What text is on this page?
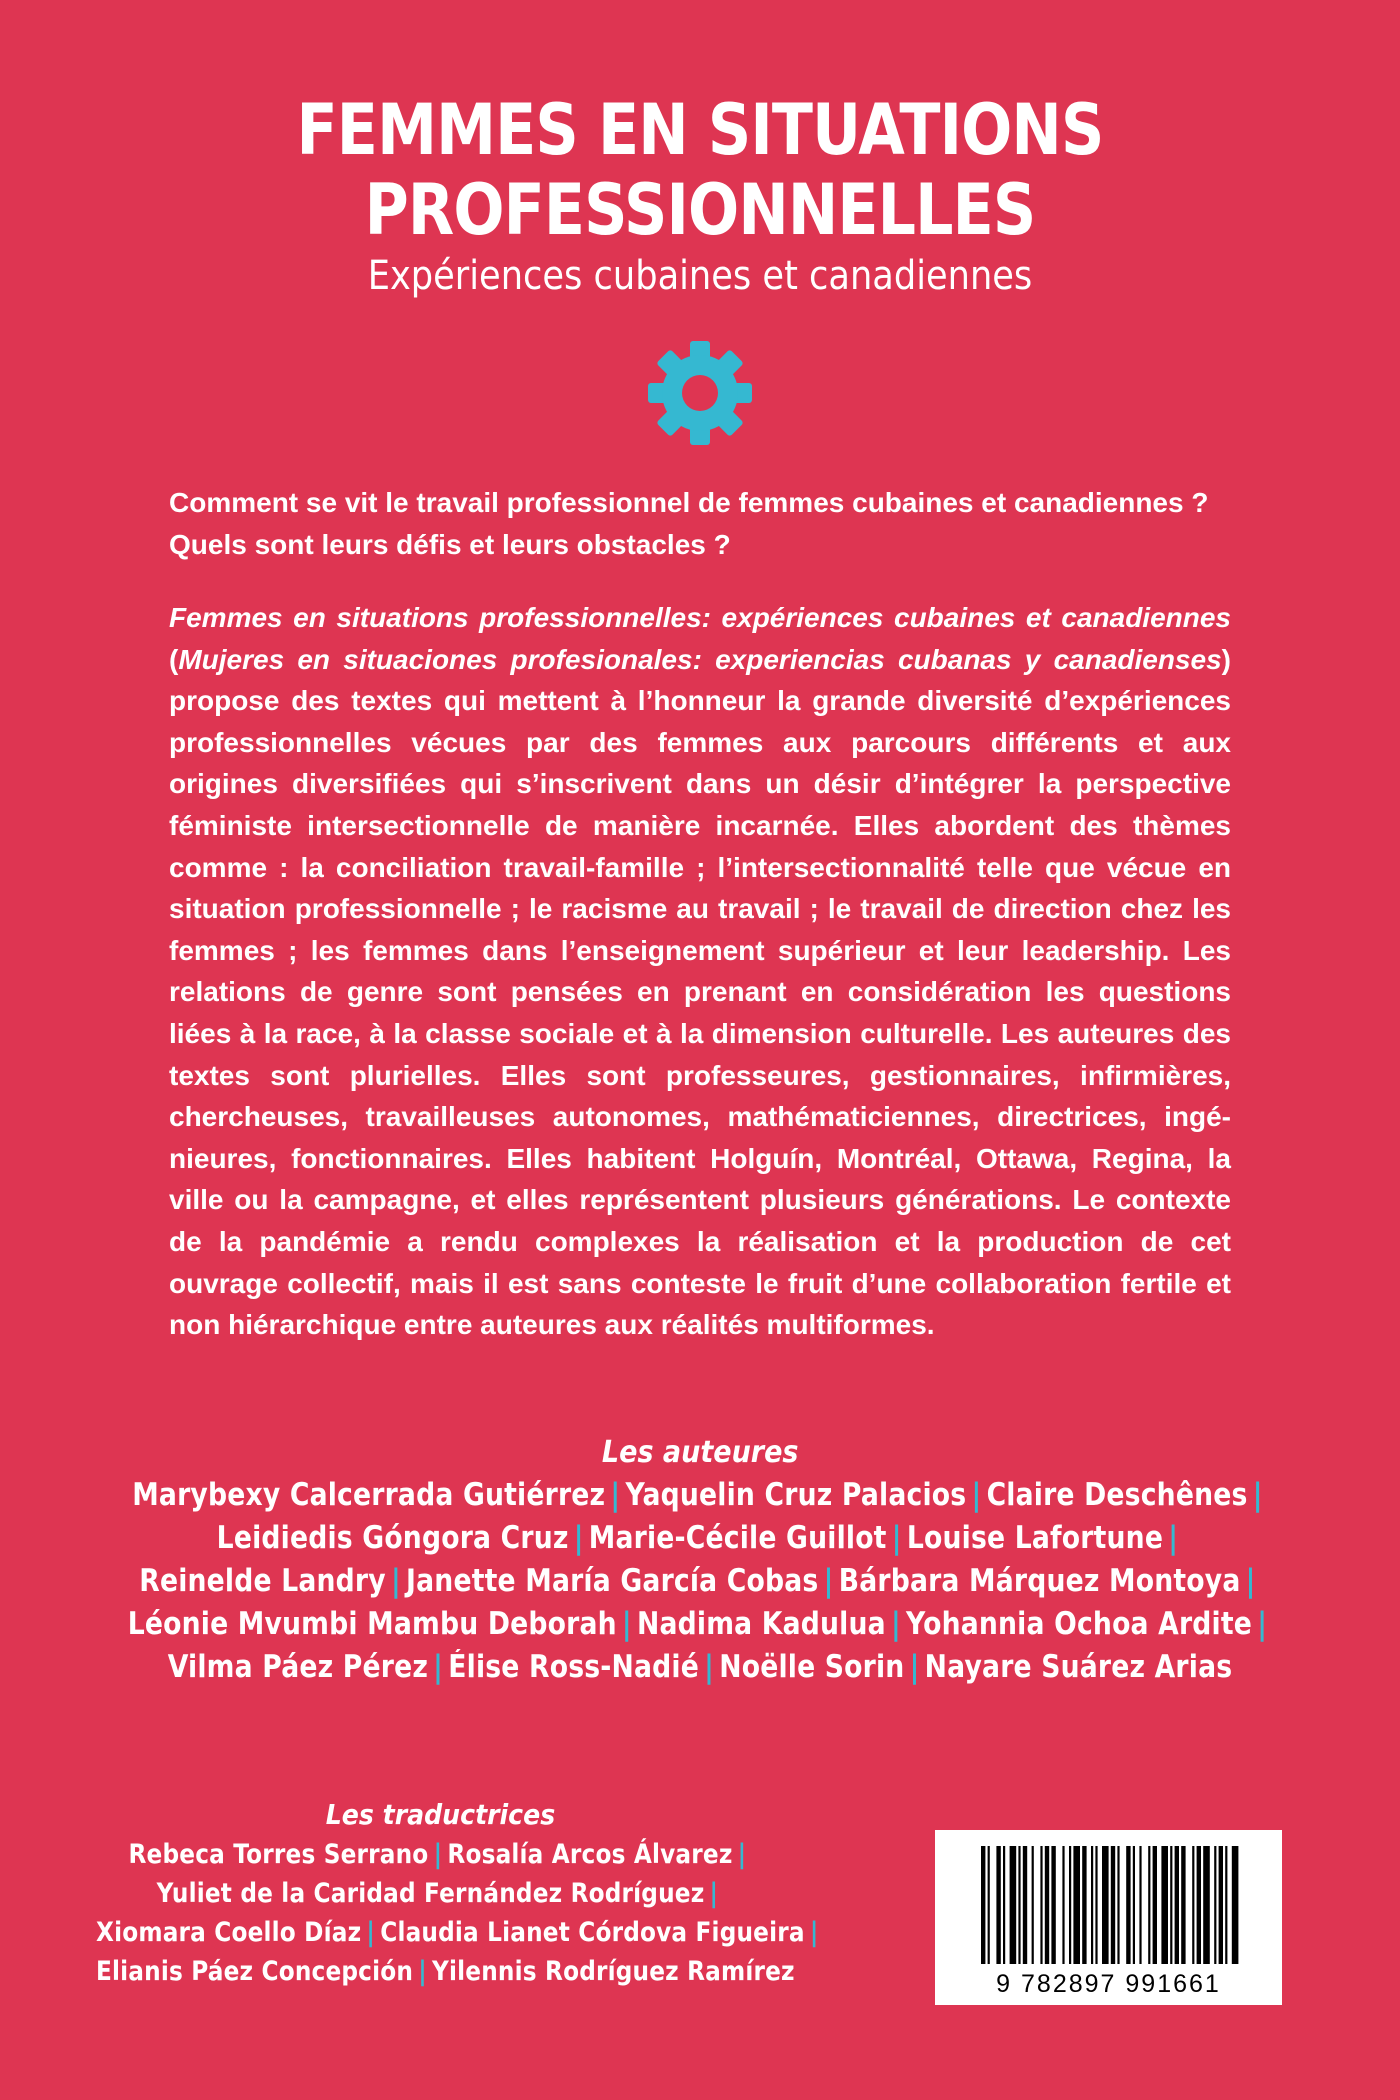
FEMMES EN SITUATIONS
PROFESSIONNELLES
Expériences cubaines et canadiennes

Comment se vit le travail professionnel de femmes cubaines et canadiennes ?

Quels sont leurs défis et leurs obstacles ?

Femmes en situations professionnelles: expériences cubaines et canadiennes (Mujeres en situaciones profesionales: experiencias cubanas y canadienses) propose des textes qui mettent à l’honneur la grande diversité d’expériences professionnelles vécues par des femmes aux parcours différents et aux origines diversifiées qui s’inscrivent dans un désir d’intégrer la perspective féministe intersectionnelle de manière incarnée. Elles abordent des thèmes comme : la conciliation travail-famille ; l’intersectionnalité telle que vécue en situation professionnelle ; le racisme au travail ; le travail de direction chez les femmes ; les femmes dans l’enseignement supérieur et leur leadership. Les relations de genre sont pensées en prenant en considération les questions liées à la race, à la classe sociale et à la dimension culturelle. Les auteures des textes sont plurielles. Elles sont professeures, gestionnaires, infirmières, chercheuses, travailleuses autonomes, mathématiciennes, directrices, ingénieures, fonctionnaires. Elles habitent Holguín, Montréal, Ottawa, Regina, la ville ou la campagne, et elles représentent plusieurs générations. Le contexte de la pandémie a rendu complexes la réalisation et la production de cet ouvrage collectif, mais il est sans conteste le fruit d’une collaboration fertile et non hiérarchique entre auteures aux réalités multiformes.
Les auteures
Marybexy Calcerrada Gutiérrez | Yaquelin Cruz Palacios | Claire Deschênes |
Leidiedis Góngora Cruz | Marie-Cécile Guillot | Louise Lafortune |
Reinelde Landry | Janette María García Cobas | Bárbara Márquez Montoya |
Léonie Mvumbi Mambu Deborah | Nadima Kadulua | Yohannia Ochoa Ardite |
Vilma Páez Pérez | Élise Ross-Nadié | Noëlle Sorin | Nayare Suárez Arias
Les traductrices
Rebeca Torres Serrano | Rosalía Arcos Álvarez |
Yuliet de la Caridad Fernández Rodríguez |
Xiomara Coello Díaz | Claudia Lianet Córdova Figueira |
Elianis Páez Concepción | Yilennis Rodríguez Ramírez	9 782897 991661
